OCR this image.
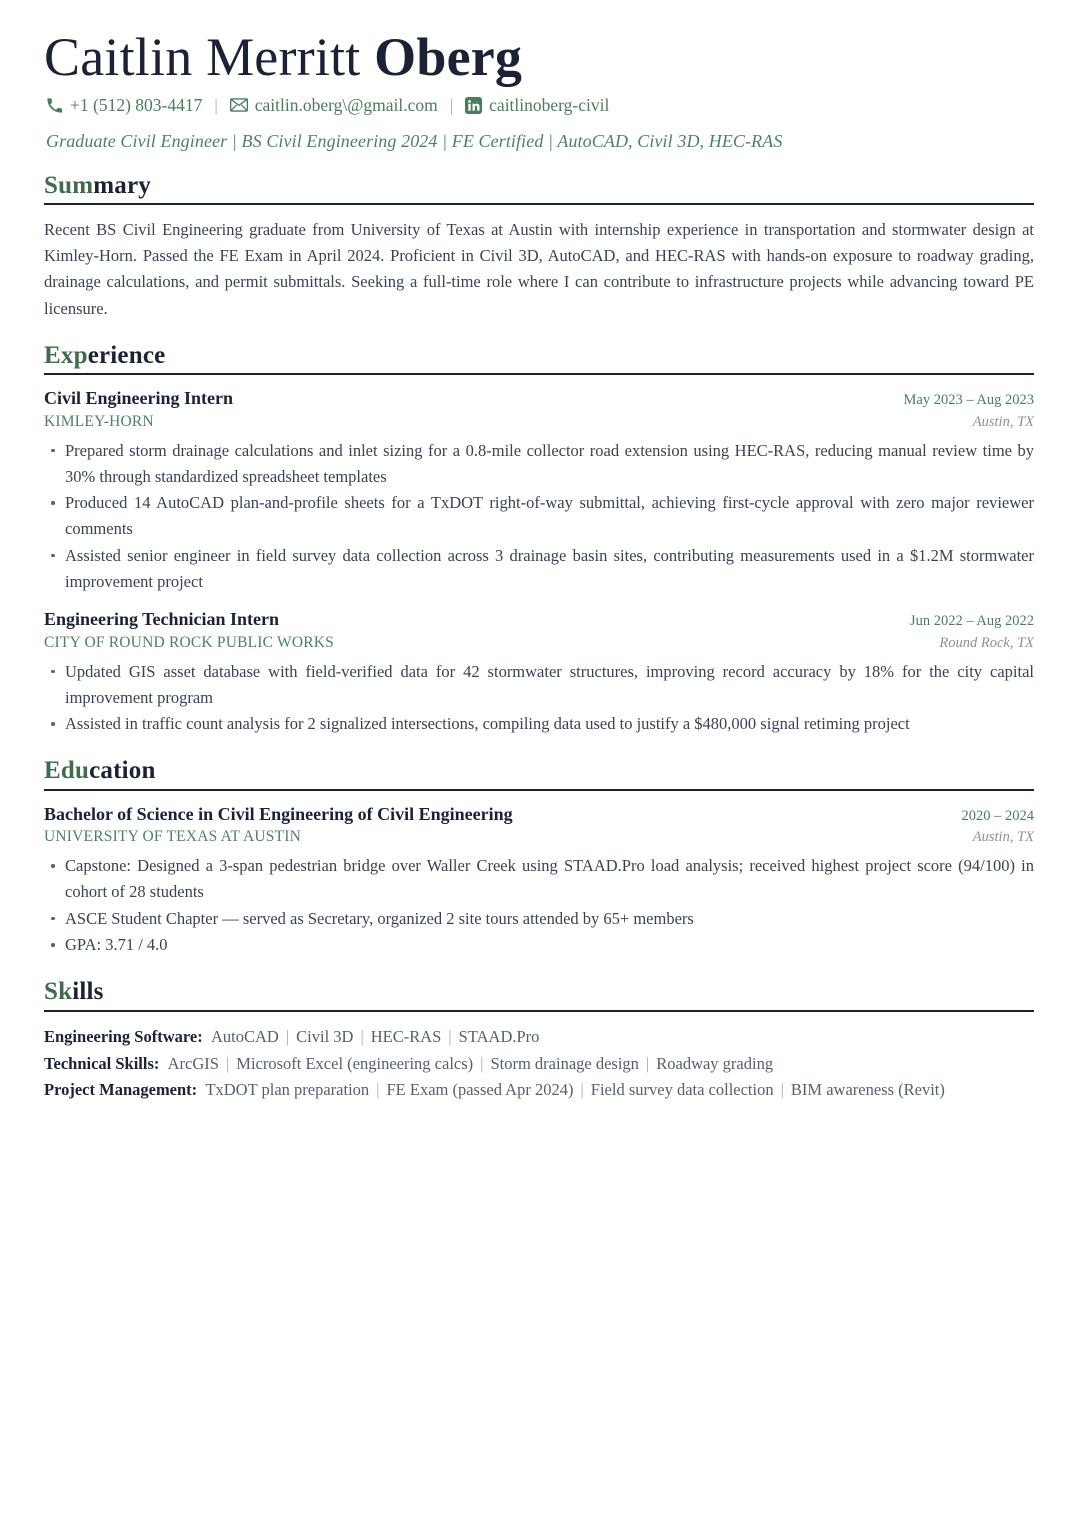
Caitlin Merritt Oberg
+1 (512) 803-4417 |	caitlin.oberg\@gmail.com |	caitlinoberg-civil
Graduate Civil Engineer | BS Civil Engineering 2024 | FE Certified | AutoCAD, Civil 3D, HEC-RAS
Summary

Recent BS Civil Engineering graduate from University of Texas at Austin with internship experience in transportation and stormwater design at Kimley-Horn. Passed the FE Exam in April 2024. Proficient in Civil 3D, AutoCAD, and HEC-RAS with hands-on exposure to roadway grading, drainage calculations, and permit submittals. Seeking a full-time role where I can contribute to infrastructure projects while advancing toward PE licensure.

Experience
Civil Engineering Intern	May 2023 – Aug 2023
KIMLEY-HORN	Austin, TX
Prepared storm drainage calculations and inlet sizing for a 0.8-mile collector road extension using HEC-RAS, reducing manual review time by 30% through standardized spreadsheet templates
Produced 14 AutoCAD plan-and-profile sheets for a TxDOT right-of-way submittal, achieving first-cycle approval with zero major reviewer comments
Assisted senior engineer in field survey data collection across 3 drainage basin sites, contributing measurements used in a $1.2M stormwater improvement project
Engineering Technician Intern	Jun 2022 – Aug 2022
CITY OF ROUND ROCK PUBLIC WORKS	Round Rock, TX
Updated GIS asset database with field-verified data for 42 stormwater structures, improving record accuracy by 18% for the city capital improvement program
Assisted in traffic count analysis for 2 signalized intersections, compiling data used to justify a $480,000 signal retiming project
Education
Bachelor of Science in Civil Engineering of Civil Engineering	2020 – 2024
UNIVERSITY OF TEXAS AT AUSTIN	Austin, TX
Capstone: Designed a 3-span pedestrian bridge over Waller Creek using STAAD.Pro load analysis; received highest project score (94/100) in cohort of 28 students
ASCE Student Chapter — served as Secretary, organized 2 site tours attended by 65+ members
GPA: 3.71 / 4.0
Skills
Engineering Software: AutoCAD | Civil 3D | HEC-RAS | STAAD.Pro
Technical Skills: ArcGIS | Microsoft Excel (engineering calcs) | Storm drainage design | Roadway grading
Project Management: TxDOT plan preparation | FE Exam (passed Apr 2024) | Field survey data collection | BIM awareness (Revit)
